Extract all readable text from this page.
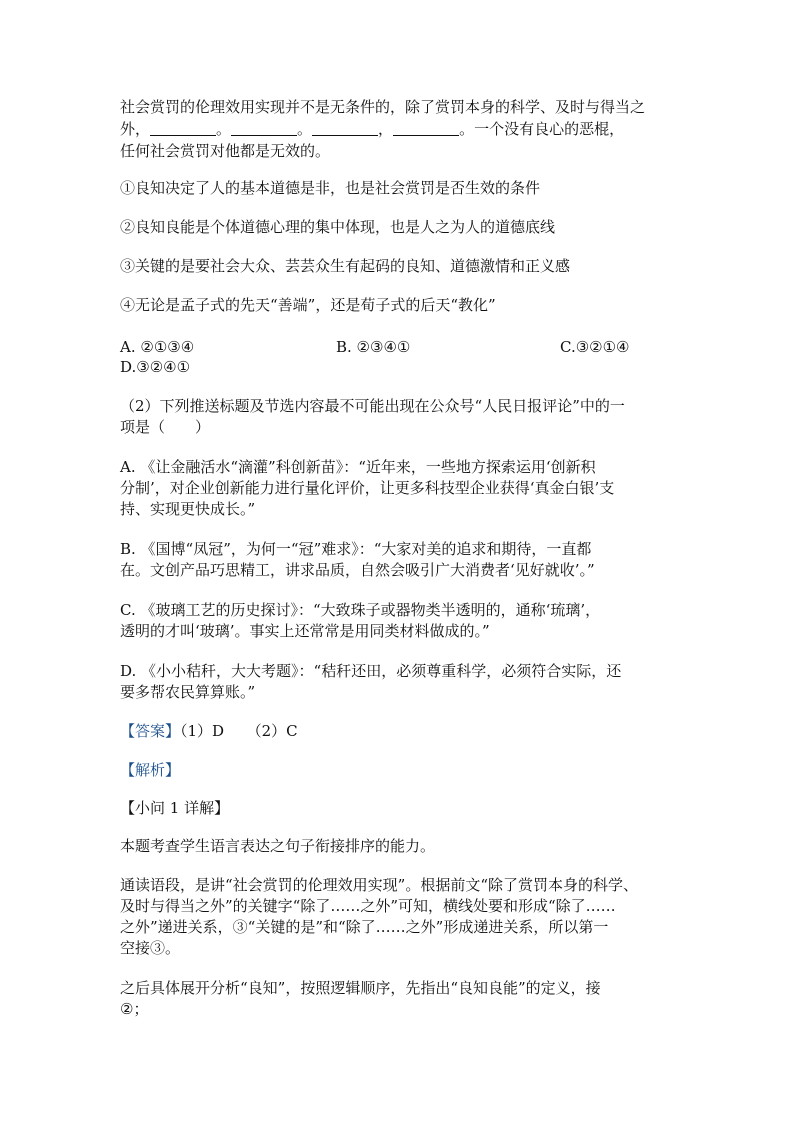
社会赏罚的伦理效用实现并不是无条件的，除了赏罚本身的科学、及时与得当之
外，	。	。	，	。一个没有良心的恶棍，
任何社会赏罚对他都是无效的。
①良知决定了人的基本道德是非，也是社会赏罚是否生效的条件
②良知良能是个体道德心理的集中体现，也是人之为人的道德底线
③关键的是要社会大众、芸芸众生有起码的良知、道德激情和正义感
④无论是孟子式的先天“善端”，还是荀子式的后天“教化”
A. ②①③④	B. ②③④①	C.③②①④
D.③②④①
（2）下列推送标题及节选内容最不可能出现在公众号“人民日报评论”中的一
项是（　　）
A. 《让金融活水“滴灌”科创新苗》：“近年来，一些地方探索运用‘创新积
分制’，对企业创新能力进行量化评价，让更多科技型企业获得‘真金白银’支
持、实现更快成长。”
B. 《国博“凤冠”，为何一“冠”难求》：“大家对美的追求和期待，一直都
在。文创产品巧思精工，讲求品质，自然会吸引广大消费者‘见好就收’。”
C. 《玻璃工艺的历史探讨》：“大致珠子或器物类半透明的，通称‘琉璃’，
透明的才叫‘玻璃’。事实上还常常是用同类材料做成的。”
D. 《小小秸秆，大大考题》：“秸秆还田，必须尊重科学，必须符合实际，还
要多帮农民算算账。”
【答案】（1）D　　（2）C
【解析】
【小问 1 详解】
本题考查学生语言表达之句子衔接排序的能力。
通读语段，是讲“社会赏罚的伦理效用实现”。根据前文“除了赏罚本身的科学、
及时与得当之外”的关键字“除了……之外”可知，横线处要和形成“除了……
之外”递进关系，③“关键的是”和“除了……之外”形成递进关系，所以第一
空接③。
之后具体展开分析“良知”，按照逻辑顺序，先指出“良知良能”的定义，接
②；
